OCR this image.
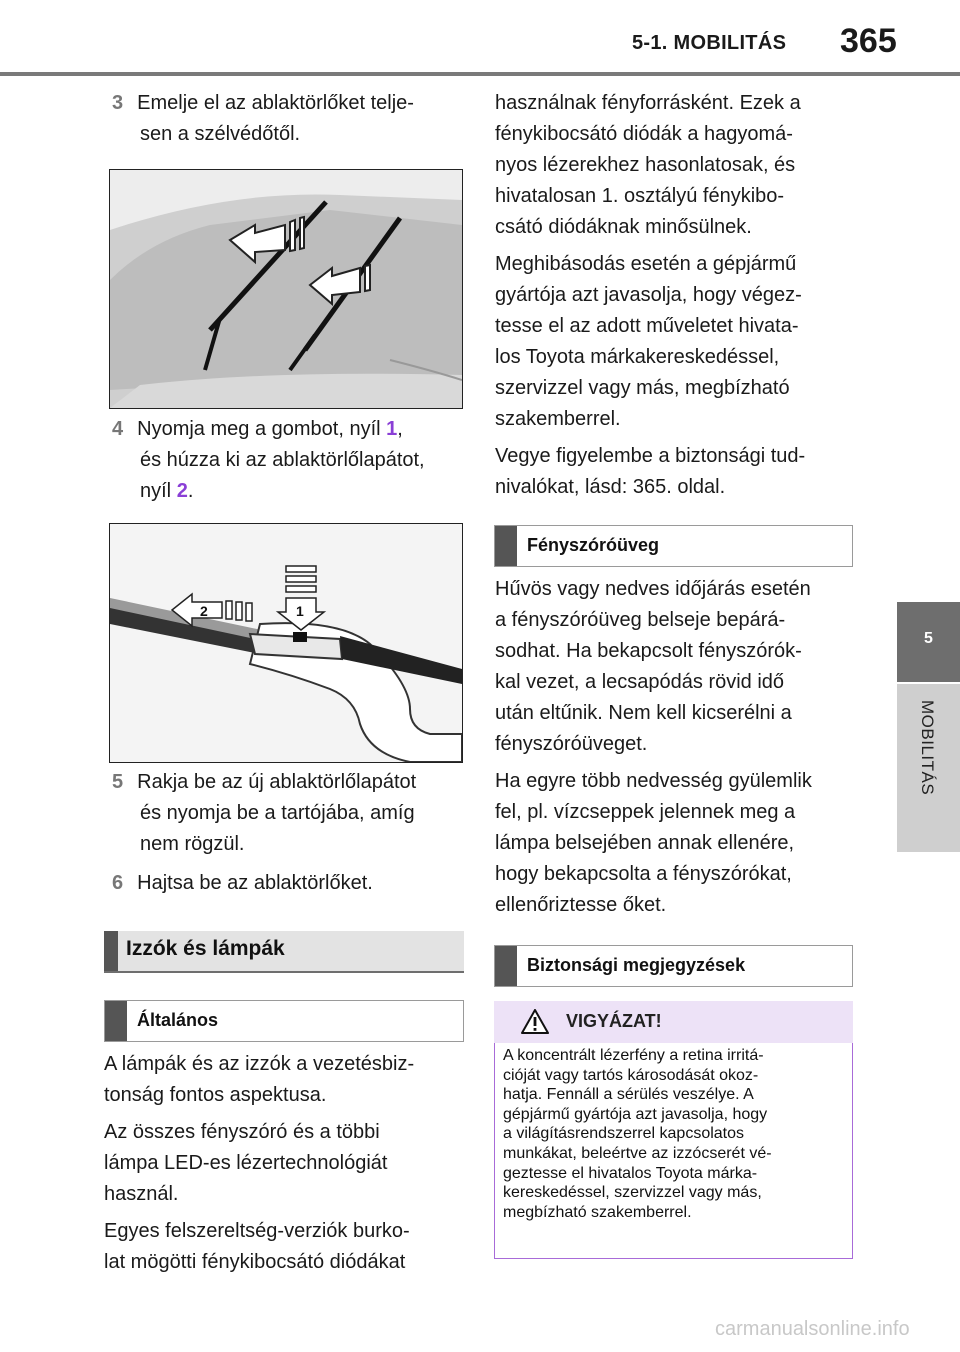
5-1. MOBILITÁS 365
5
MOBILITÁS
3 Emelje el az ablaktörlőket telje-
sen a szélvédőtől.
4 Nyomja meg a gombot, nyíl 1,
és húzza ki az ablaktörlőlapátot,
nyíl 2.
1
2
5 Rakja be az új ablaktörlőlapátot
és nyomja be a tartójába, amíg
nem rögzül.
6 Hajtsa be az ablaktörlőket.
Izzók és lámpák
Általános
A lámpák és az izzók a vezetésbiz-
tonság fontos aspektusa.
Az összes fényszóró és a többi
lámpa LED-es lézertechnológiát
használ.
Egyes felszereltség-verziók burko-
lat mögötti fénykibocsátó diódákat
használnak fényforrásként. Ezek a
fénykibocsátó diódák a hagyomá-
nyos lézerekhez hasonlatosak, és
hivatalosan 1. osztályú fénykibo-
csátó diódáknak minősülnek.
Meghibásodás esetén a gépjármű
gyártója azt javasolja, hogy végez-
tesse el az adott műveletet hivata-
los Toyota márkakereskedéssel,
szervizzel vagy más, megbízható
szakemberrel.
Vegye figyelembe a biztonsági tud-
nivalókat, lásd: 365. oldal.
Fényszóróüveg
Hűvös vagy nedves időjárás esetén
a fényszóróüveg belseje bepárá-
sodhat. Ha bekapcsolt fényszórók-
kal vezet, a lecsapódás rövid idő
után eltűnik. Nem kell kicserélni a
fényszóróüveget.
Ha egyre több nedvesség gyülemlik
fel, pl. vízcseppek jelennek meg a
lámpa belsejében annak ellenére,
hogy bekapcsolta a fényszórókat,
ellenőriztesse őket.
Biztonsági megjegyzések
VIGYÁZAT!
A koncentrált lézerfény a retina irritá-
cióját vagy tartós károsodását okoz-
hatja. Fennáll a sérülés veszélye. A
gépjármű gyártója azt javasolja, hogy
a világításrendszerrel kapcsolatos
munkákat, beleértve az izzócserét vé-
geztesse el hivatalos Toyota márka-
kereskedéssel, szervizzel vagy más,
megbízható szakemberrel.
carmanualsonline.info
